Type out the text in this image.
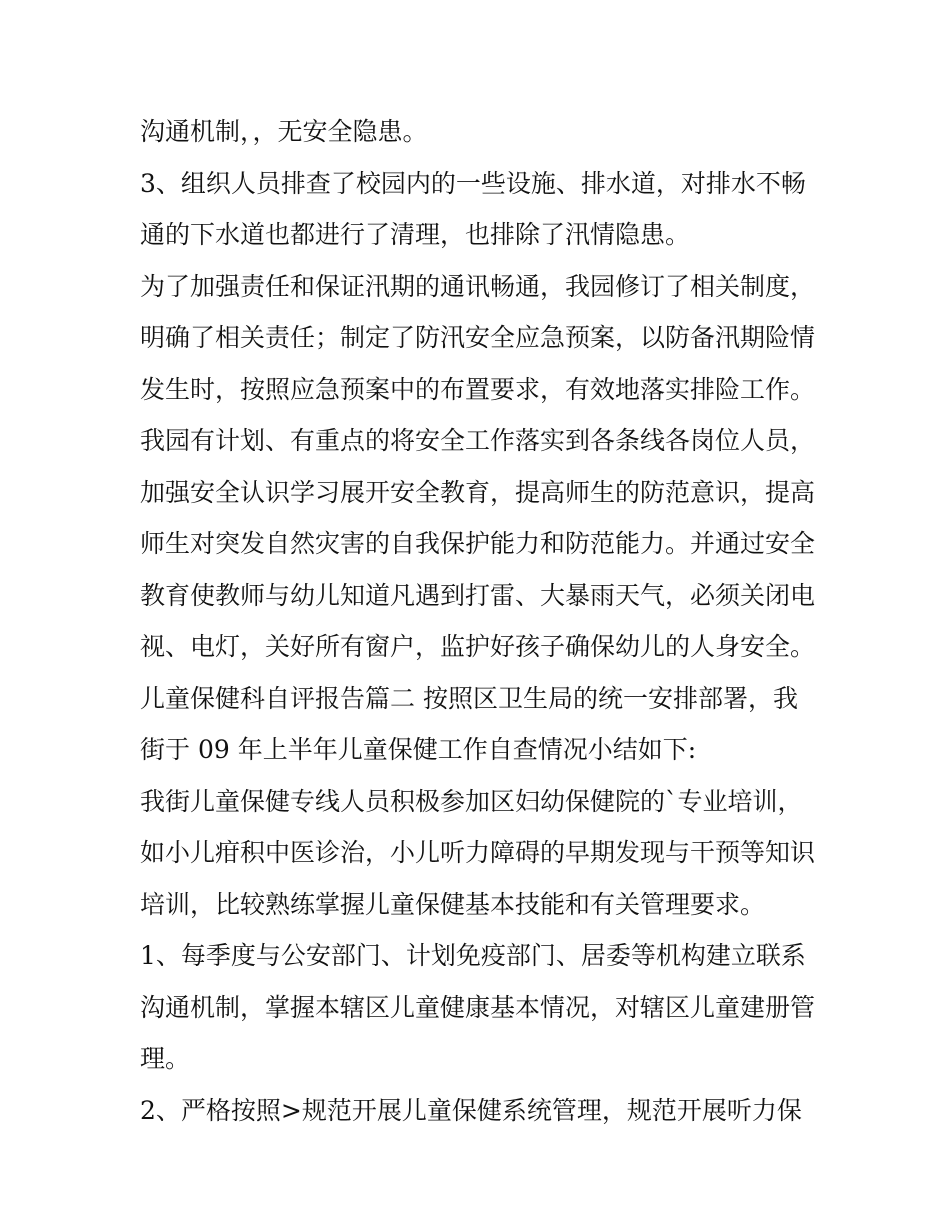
沟通机制，，无安全隐患。
3、组织人员排查了校园内的一些设施、排水道，对排水不畅
通的下水道也都进行了清理，也排除了汛情隐患。
为了加强责任和保证汛期的通讯畅通，我园修订了相关制度，
明确了相关责任；制定了防汛安全应急预案，以防备汛期险情
发生时，按照应急预案中的布置要求，有效地落实排险工作。
我园有计划、有重点的将安全工作落实到各条线各岗位人员，
加强安全认识学习展开安全教育，提高师生的防范意识，提高
师生对突发自然灾害的自我保护能力和防范能力。并通过安全
教育使教师与幼儿知道凡遇到打雷、大暴雨天气，必须关闭电
视、电灯，关好所有窗户，监护好孩子确保幼儿的人身安全。
儿童保健科自评报告篇二 按照区卫生局的统一安排部署，我
街于 09 年上半年儿童保健工作自查情况小结如下:
我街儿童保健专线人员积极参加区妇幼保健院的`专业培训，
如小儿疳积中医诊治，小儿听力障碍的早期发现与干预等知识
培训，比较熟练掌握儿童保健基本技能和有关管理要求。
1、每季度与公安部门、计划免疫部门、居委等机构建立联系
沟通机制，掌握本辖区儿童健康基本情况，对辖区儿童建册管
理。
2、严格按照>规范开展儿童保健系统管理，规范开展听力保
